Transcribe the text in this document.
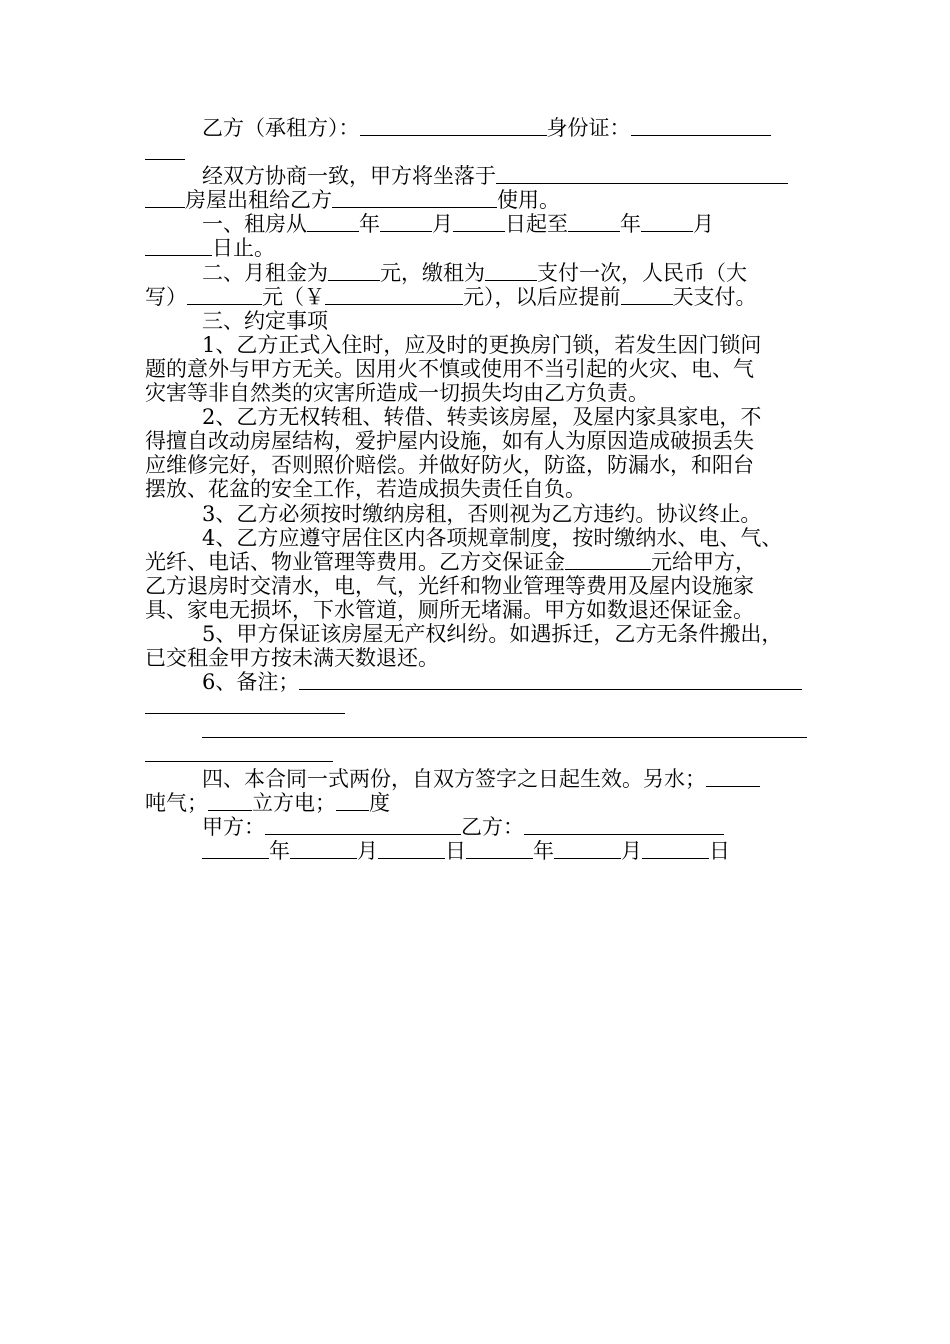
乙方（承租方）：	身份证：
经双方协商一致，甲方将坐落于
房屋出租给乙方	使用。
一、租房从 年 月 日起至 年 月
日止。
二、月租金为 元，缴租为 支付一次，人民币（大
写）	元（￥	元），以后应提前 天支付。
三、约定事项
1、乙方正式入住时，应及时的更换房门锁，若发生因门锁问
题的意外与甲方无关。因用火不慎或使用不当引起的火灾、电、气
灾害等非自然类的灾害所造成一切损失均由乙方负责。
2、乙方无权转租、转借、转卖该房屋，及屋内家具家电，不
得擅自改动房屋结构，爱护屋内设施，如有人为原因造成破损丢失
应维修完好，否则照价赔偿。并做好防火，防盗，防漏水，和阳台
摆放、花盆的安全工作，若造成损失责任自负。
3、乙方必须按时缴纳房租，否则视为乙方违约。协议终止。
4、乙方应遵守居住区内各项规章制度，按时缴纳水、电、气、
光纤、电话、物业管理等费用。乙方交保证金	元给甲方，
乙方退房时交清水，电，气，光纤和物业管理等费用及屋内设施家
具、家电无损坏，下水管道，厕所无堵漏。甲方如数退还保证金。
5、甲方保证该房屋无产权纠纷。如遇拆迁，乙方无条件搬出，
已交租金甲方按未满天数退还。
6、备注；
四、本合同一式两份，自双方签字之日起生效。另水；
吨气； 立方电； 度
甲方：	乙方：
年	月	日	年	月	日
